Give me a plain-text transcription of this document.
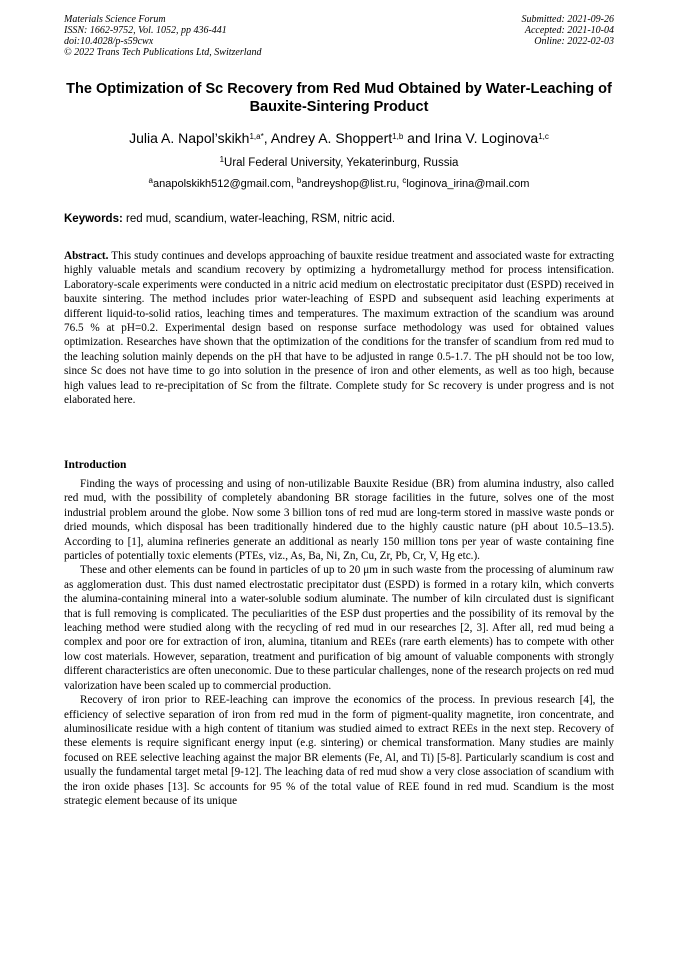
Materials Science Forum
ISSN: 1662-9752, Vol. 1052, pp 436-441
doi:10.4028/p-s59cwx
© 2022 Trans Tech Publications Ltd, Switzerland
Submitted: 2021-09-26
Accepted: 2021-10-04
Online: 2022-02-03
The Optimization of Sc Recovery from Red Mud Obtained by Water-Leaching of Bauxite-Sintering Product
Julia A. Napol’skikh$^{1,a*}$, Andrey A. Shoppert$^{1,b}$ and Irina V. Loginova$^{1,c}$
$^1$Ural Federal University, Yekaterinburg, Russia
$^a$anapolskikh512@gmail.com, $^b$andreyshop@list.ru, $^c$loginova_irina@mail.com
Keywords: red mud, scandium, water-leaching, RSM, nitric acid.

Abstract. This study continues and develops approaching of bauxite residue treatment and associated waste for extracting highly valuable metals and scandium recovery by optimizing a hydrometallurgy method for process intensification. Laboratory-scale experiments were conducted in a nitric acid medium on electrostatic precipitator dust (ESPD) received in bauxite sintering. The method includes prior water-leaching of ESPD and subsequent asid leaching experiments at different liquid-to-solid ratios, leaching times and temperatures. The maximum extraction of the scandium was around 76.5 % at pH=0.2. Experimental design based on response surface methodology was used for obtained values optimization. Researches have shown that the optimization of the conditions for the transfer of scandium from red mud to the leaching solution mainly depends on the pH that have to be adjusted in range 0.5-1.7. The pH should not be too low, since Sc does not have time to go into solution in the presence of iron and other elements, as well as too high, because high values lead to re-precipitation of Sc from the filtrate. Complete study for Sc recovery is under progress and is not elaborated here.

Introduction

Finding the ways of processing and using of non-utilizable Bauxite Residue (BR) from alumina industry, also called red mud, with the possibility of completely abandoning BR storage facilities in the future, solves one of the most industrial problem around the globe. Now some 3 billion tons of red mud are long-term stored in massive waste ponds or dried mounds, which disposal has been traditionally hindered due to the highly caustic nature (pH about 10.5–13.5). According to [1], alumina refineries generate an additional as nearly 150 million tons per year of waste containing fine particles of potentially toxic elements (PTEs, viz., As, Ba, Ni, Zn, Cu, Zr, Pb, Cr, V, Hg etc.).

These and other elements can be found in particles of up to 20 μm in such waste from the processing of aluminum raw as agglomeration dust. This dust named electrostatic precipitator dust (ESPD) is formed in a rotary kiln, which converts the alumina-containing mineral into a water-soluble sodium aluminate. The number of kiln circulated dust is significant that is full removing is complicated. The peculiarities of the ESP dust properties and the possibility of its removal by the leaching method were studied along with the recycling of red mud in our researches [2, 3]. After all, red mud being a complex and poor ore for extraction of iron, alumina, titanium and REEs (rare earth elements) has to compete with other low cost materials. However, separation, treatment and purification of big amount of valuable components with strongly different characteristics are often uneconomic. Due to these particular challenges, none of the research projects on red mud valorization have been scaled up to commercial production.

Recovery of iron prior to REE-leaching can improve the economics of the process. In previous research [4], the efficiency of selective separation of iron from red mud in the form of pigment-quality magnetite, iron concentrate, and aluminosilicate residue with a high content of titanium was studied aimed to extract REEs in the next step. Recovery of these elements is require significant energy input (e.g. sintering) or chemical transformation. Many studies are mainly focused on REE selective leaching against the major BR elements (Fe, Al, and Ti) [5-8]. Particularly scandium is cost and usually the fundamental target metal [9-12]. The leaching data of red mud show a very close association of scandium with the iron oxide phases [13]. Sc accounts for 95 % of the total value of REE found in red mud. Scandium is the most strategic element because of its unique
